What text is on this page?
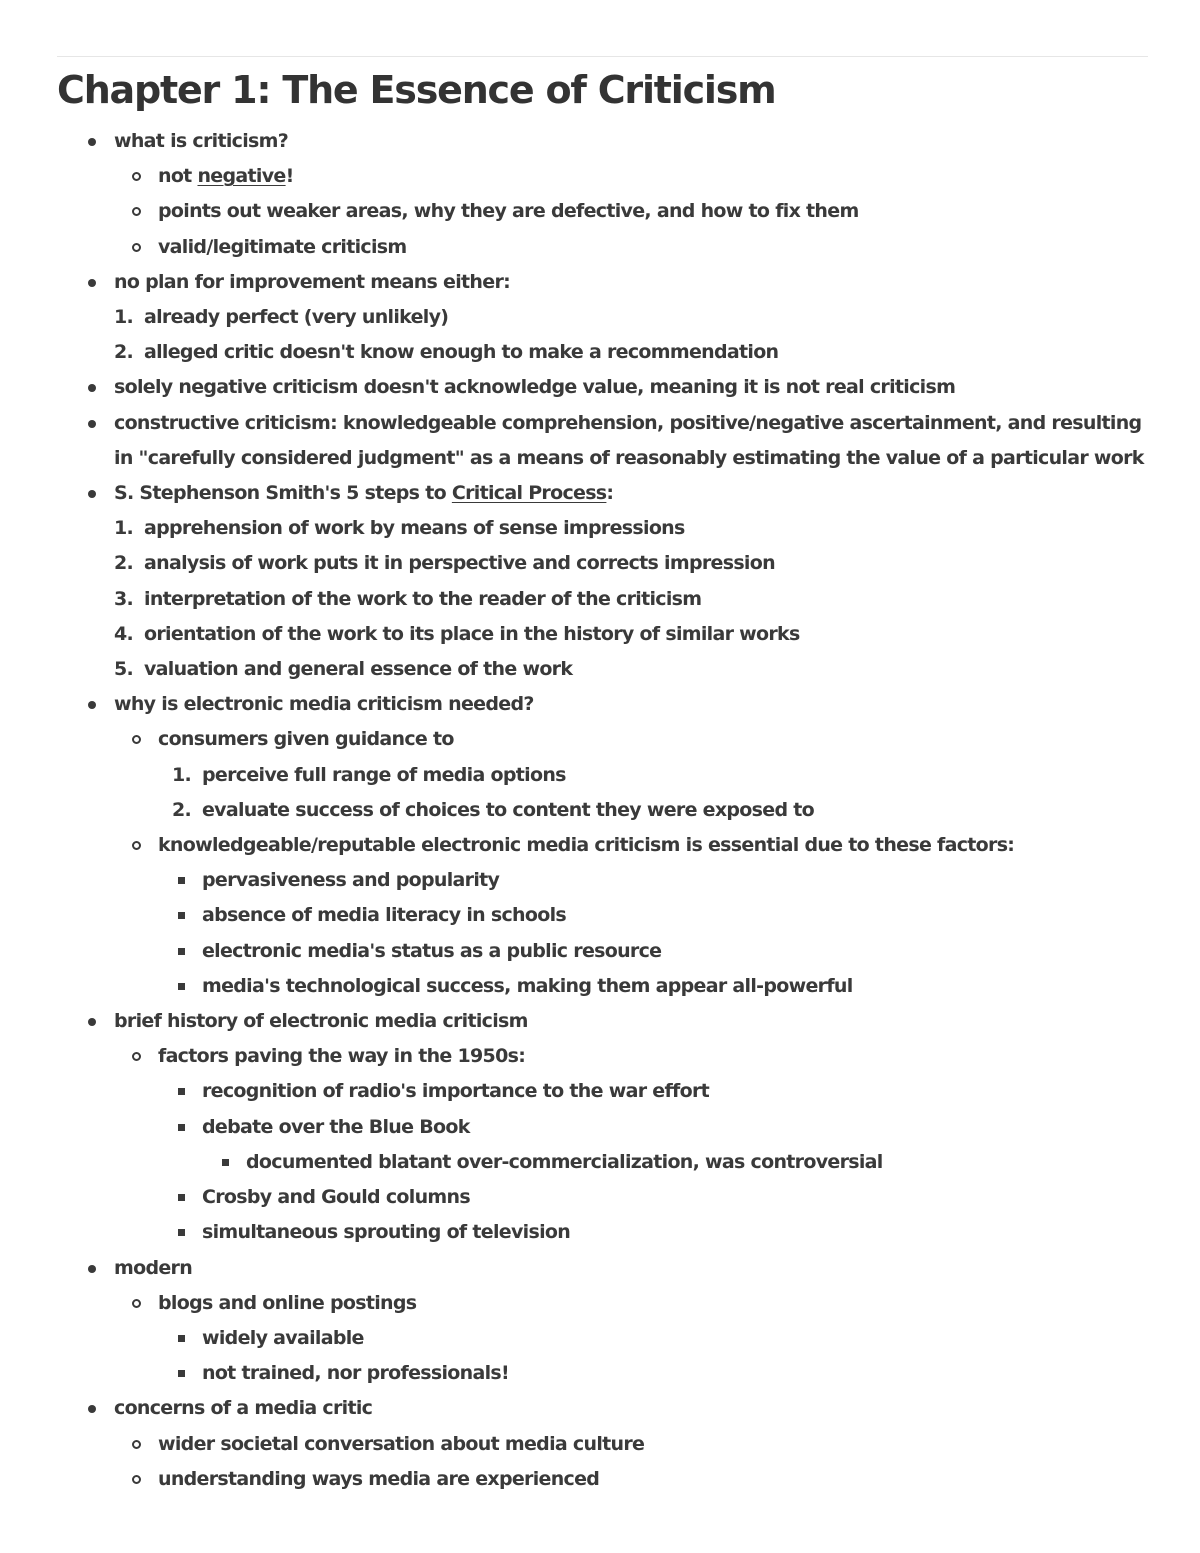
Chapter 1: The Essence of Criticism
what is criticism?
not negative!
points out weaker areas, why they are defective, and how to fix them
valid/legitimate criticism
no plan for improvement means either:
1. already perfect (very unlikely)
2. alleged critic doesn't know enough to make a recommendation
solely negative criticism doesn't acknowledge value, meaning it is not real criticism
constructive criticism: knowledgeable comprehension, positive/negative ascertainment, and resulting in "carefully considered judgment" as a means of reasonably estimating the value of a particular work
S. Stephenson Smith's 5 steps to Critical Process:
1. apprehension of work by means of sense impressions
2. analysis of work puts it in perspective and corrects impression
3. interpretation of the work to the reader of the criticism
4. orientation of the work to its place in the history of similar works
5. valuation and general essence of the work
why is electronic media criticism needed?
consumers given guidance to
1. perceive full range of media options
2. evaluate success of choices to content they were exposed to
knowledgeable/reputable electronic media criticism is essential due to these factors:
pervasiveness and popularity
absence of media literacy in schools
electronic media's status as a public resource
media's technological success, making them appear all-powerful
brief history of electronic media criticism
factors paving the way in the 1950s:
recognition of radio's importance to the war effort
debate over the Blue Book
documented blatant over-commercialization, was controversial
Crosby and Gould columns
simultaneous sprouting of television
modern
blogs and online postings
widely available
not trained, nor professionals!
concerns of a media critic
wider societal conversation about media culture
understanding ways media are experienced
